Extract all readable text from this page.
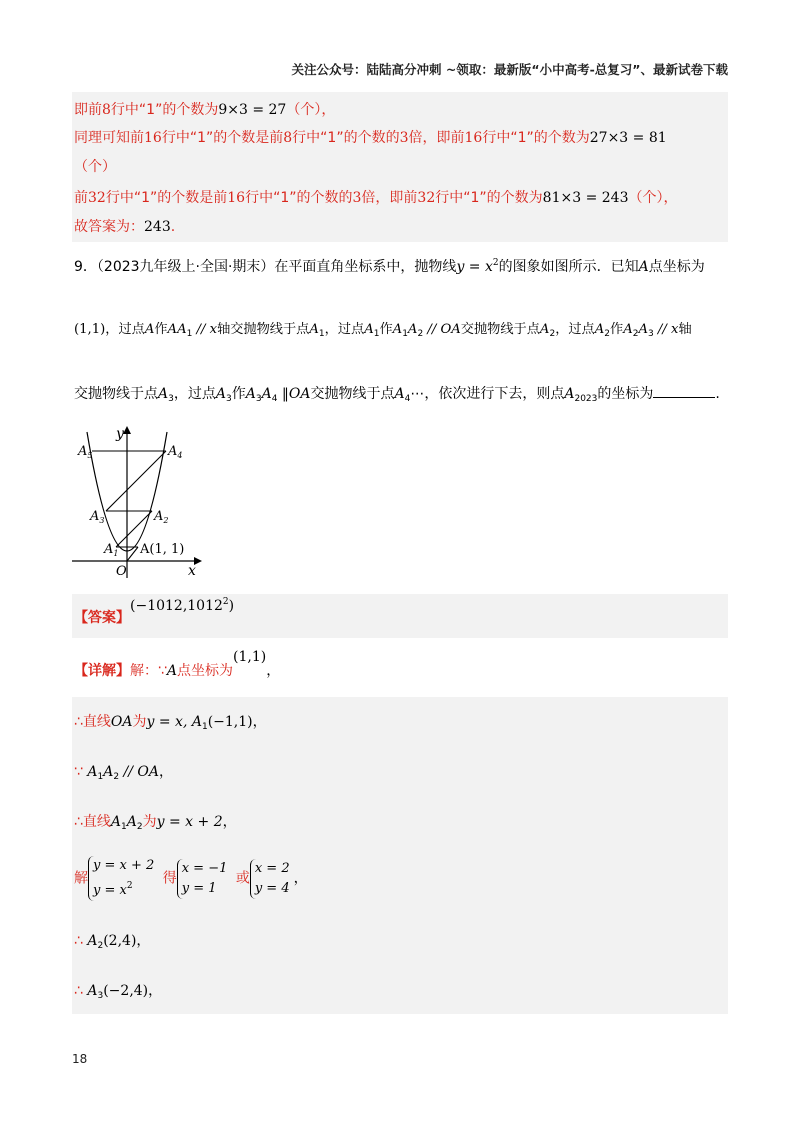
关注公众号：陆陆高分冲刺 ~领取：最新版“小中高考-总复习”、最新试卷下载
即前8行中“1”的个数为9×3 = 27（个），
同理可知前16行中“1”的个数是前8行中“1”的个数的3倍，即前16行中“1”的个数为27×3 = 81
（个）
前32行中“1”的个数是前16行中“1”的个数的3倍，即前32行中“1”的个数为81×3 = 243（个），
故答案为：243.
9．（2023九年级上·全国·期末）在平面直角坐标系中，抛物线$y = x^2$的图象如图所示．已知A点坐标为
(1,1)，过点A作$AA_1$ // x轴交抛物线于点$A_1$，过点$A_1$作$A_1A_2$ // OA交抛物线于点$A_2$，过点$A_2$作$A_2A_3$ // x轴
交抛物线于点$A_3$，过点$A_3$作$A_3A_4$ ‖OA交抛物线于点$A_4\cdots$，依次进行下去，则点$A_{2023}$的坐标为	.
y
x
O
$A_5$	$A_4$
$A_3$	$A_2$
$A_1$ A(1, 1)
【答案】$(-1012,1012^2)$
【详解】解：∵A点坐标为(1,1)，
∴直线OA为y = x, $A_1(-1,1)$，
∵ $A_1A_2$ // OA，
∴直线$A_1A_2$为y = x + 2，
解y = x + 2
$y = x^2$ 得x = −1
y = 1 或x = 2
y = 4，
∴ $A_2(2,4)$，
∴ $A_3(-2,4)$，
18
